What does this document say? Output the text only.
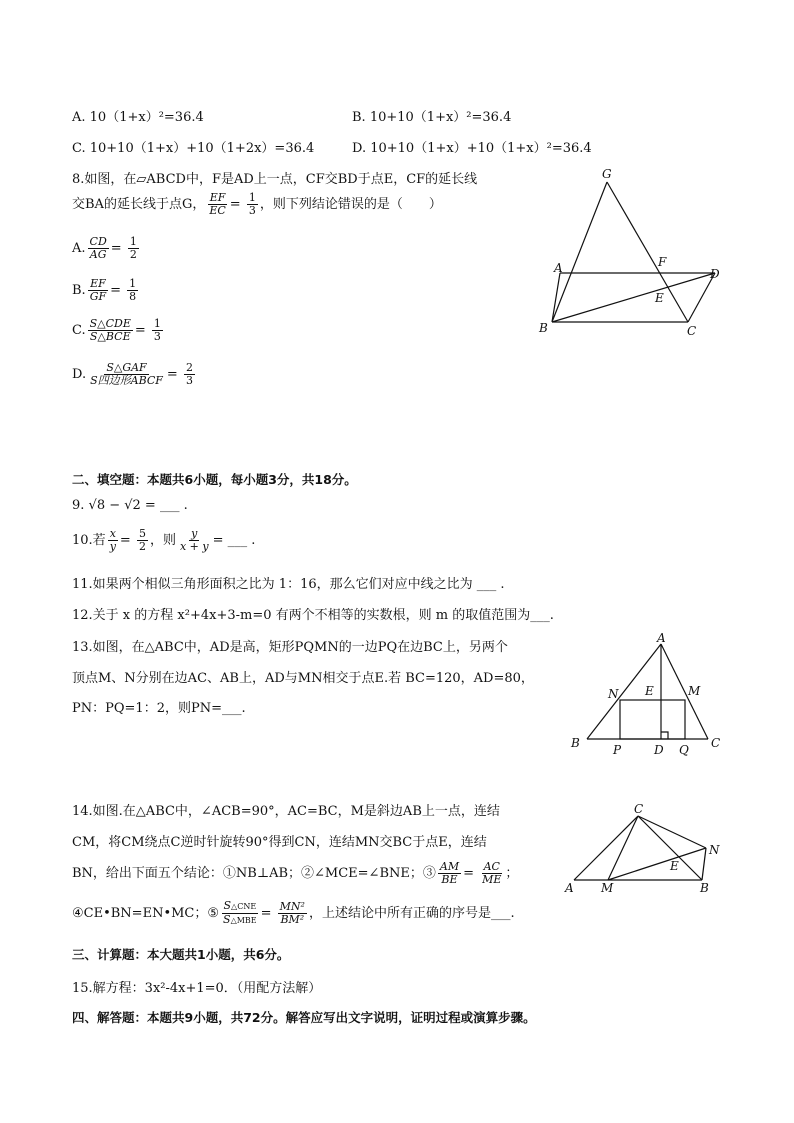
A. 10（1+x）²=36.4	B. 10+10（1+x）²=36.4
C. 10+10（1+x）+10（1+2x）=36.4	D. 10+10（1+x）+10（1+x）²=36.4
8.如图，在▱ABCD中，F是AD上一点，CF交BD于点E，CF的延长线
交BA的延长线于点G， $\frac{EF}{EC} = \frac{1}{3}$ ，则下列结论错误的是（　　）
A. $\frac{CD}{AG} = \frac{1}{2}$
B. $\frac{EF}{GF} = \frac{1}{8}$
C. $\frac{\text{S△CDE}}{\text{S△BCE}} = \frac{1}{3}$
D. $\frac{\text{S△GAF}}{\text{S四边形ABCF}} = \frac{2}{3}$
G
A	F
D
E
B	C
二、填空题：本题共6小题，每小题3分，共18分。
9. √8 − √2 = ___ .
10.若 $\frac{x}{y} = \frac{5}{2}$ ，则 $\frac{y}{x + y}$ = ___ .
11.如果两个相似三角形面积之比为 1：16，那么它们对应中线之比为 ___ .
12.关于 x 的方程 x²+4x+3-m=0 有两个不相等的实数根，则 m 的取值范围为___.
13.如图，在△ABC中，AD是高，矩形PQMN的一边PQ在边BC上，另两个
顶点M、N分别在边AC、AB上，AD与MN相交于点E.若 BC=120，AD=80，
PN：PQ=1：2，则PN=___.
A
N E	M
B	P	D Q C
14.如图.在△ABC中，∠ACB=90°，AC=BC，M是斜边AB上一点，连结
CM，将CM绕点C逆时针旋转90°得到CN，连结MN交BC于点E，连结
BN，给出下面五个结论：①NB⊥AB；②∠MCE=∠BNE；③ $\frac{AM}{BE} = \frac{AC}{ME}$ ；
④CE•BN=EN•MC；⑤ $\frac{\text{S△CNE}}{\text{S△MBE}} = \frac{\text{MN²}}{\text{BM²}}$ ，上述结论中所有正确的序号是___.
C
N
E
A M	B
三、计算题：本大题共1小题，共6分。
15.解方程：3x²-4x+1=0．（用配方法解）
四、解答题：本题共9小题，共72分。解答应写出文字说明，证明过程或演算步骤。
